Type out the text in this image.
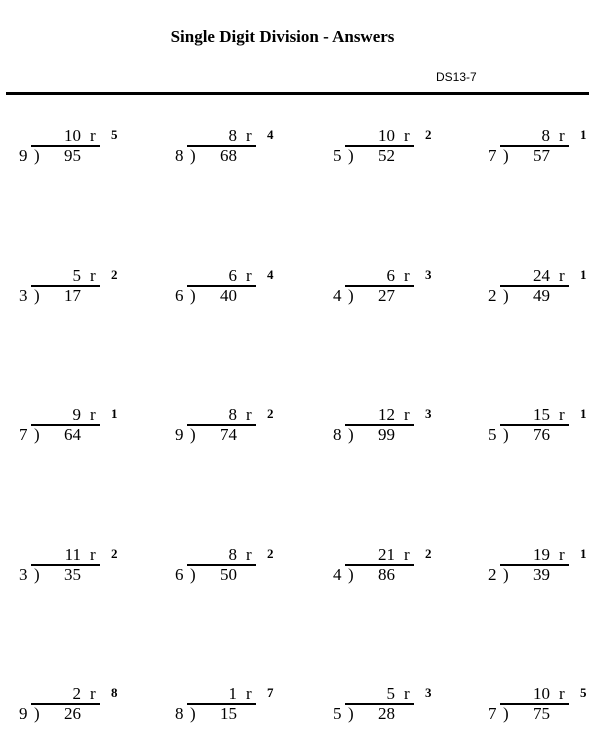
Single Digit Division - Answers
DS13-7
10 r 5
9 ) 95
8 r 4
8 ) 68
10 r 2
5 ) 52
8 r 1
7 ) 57
5 r 2
3 ) 17
6 r 4
6 ) 40
6 r 3
4 ) 27
24 r 1
2 ) 49
9 r 1
7 ) 64
8 r 2
9 ) 74
12 r 3
8 ) 99
15 r 1
5 ) 76
11 r 2
3 ) 35
8 r 2
6 ) 50
21 r 2
4 ) 86
19 r 1
2 ) 39
2 r 8
9 ) 26
1 r 7
8 ) 15
5 r 3
5 ) 28
10 r 5
7 ) 75
